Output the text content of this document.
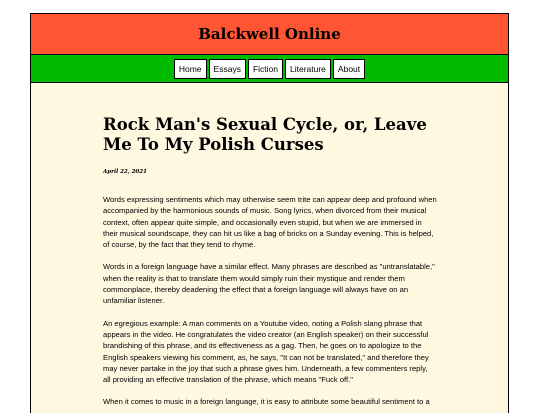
Balckwell Online
Home	Essays	Fiction	Literature	About
Rock Man's Sexual Cycle, or, Leave Me To My Polish Curses
April 22, 2021

Words expressing sentiments which may otherwise seem trite can appear deep and profound when accompanied by the harmonious sounds of music. Song lyrics, when divorced from their musical context, often appear quite simple, and occasionally even stupid, but when we are immersed in their musical soundscape, they can hit us like a bag of bricks on a Sunday evening. This is helped, of course, by the fact that they tend to rhyme.

Words in a foreign language have a similar effect. Many phrases are described as "untranslatable," when the reality is that to translate them would simply ruin their mystique and render them commonplace, thereby deadening the effect that a foreign language will always have on an unfamiliar listener.

An egregious example: A man comments on a Youtube video, noting a Polish slang phrase that appears in the video. He congratulates the video creator (an English speaker) on their successful brandishing of this phrase, and its effectiveness as a gag. Then, he goes on to apologize to the English speakers viewing his comment, as, he says, "It can not be translated," and therefore they may never partake in the joy that such a phrase gives him. Underneath, a few commenters reply, all providing an effective translation of the phrase, which means "Fuck off."

When it comes to music in a foreign language, it is easy to attribute some beautiful sentiment to a
